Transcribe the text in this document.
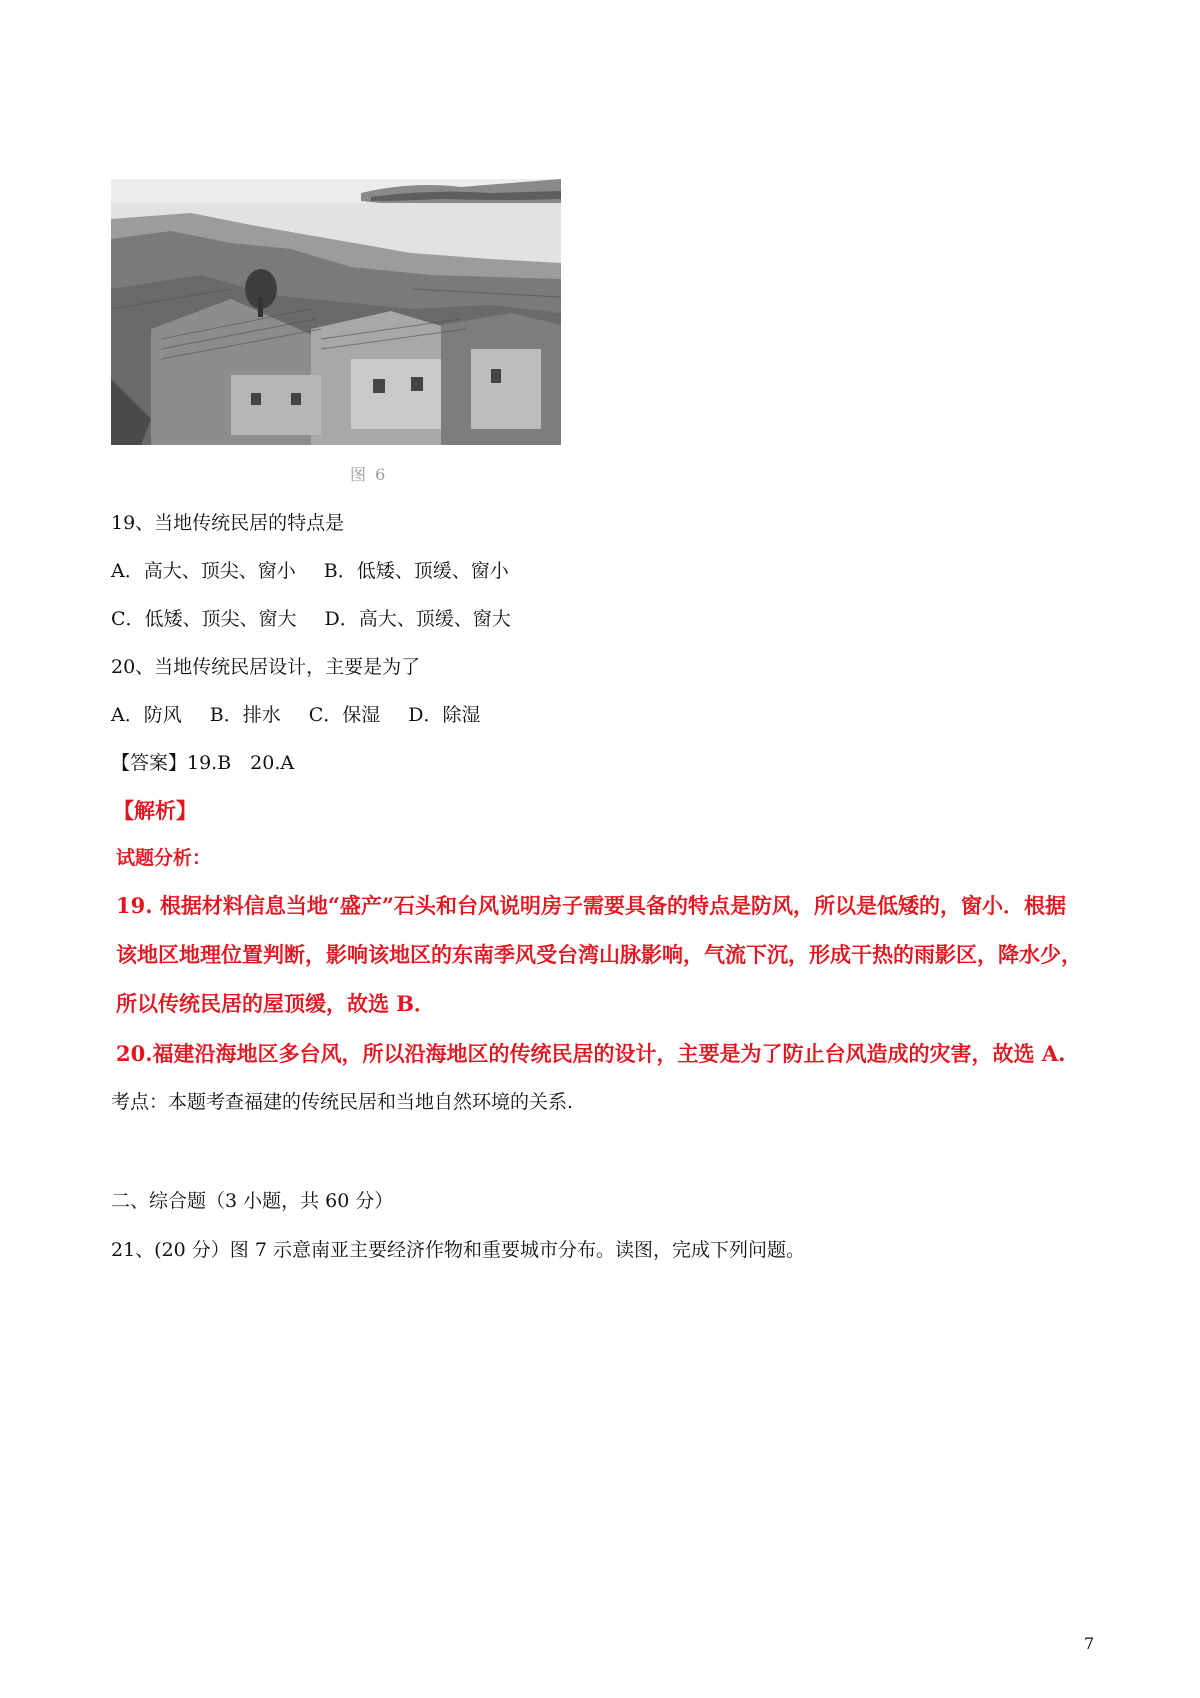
图 6
19、当地传统民居的特点是
A．高大、顶尖、窗小 B．低矮、顶缓、窗小
C．低矮、顶尖、窗大 D．高大、顶缓、窗大
20、当地传统民居设计，主要是为了
A．防风 B．排水 C．保湿 D．除湿
【答案】19.B　20.A
【解析】
试题分析：
19. 根据材料信息当地“盛产”石头和台风说明房子需要具备的特点是防风，所以是低矮的，窗小．根据
该地区地理位置判断，影响该地区的东南季风受台湾山脉影响，气流下沉，形成干热的雨影区，降水少，
所以传统民居的屋顶缓，故选 B．
20.福建沿海地区多台风，所以沿海地区的传统民居的设计，主要是为了防止台风造成的灾害，故选 A.
考点：本题考查福建的传统民居和当地自然环境的关系.
二、综合题（3 小题，共 60 分）
21、(20 分）图 7 示意南亚主要经济作物和重要城市分布。读图，完成下列问题。
7
